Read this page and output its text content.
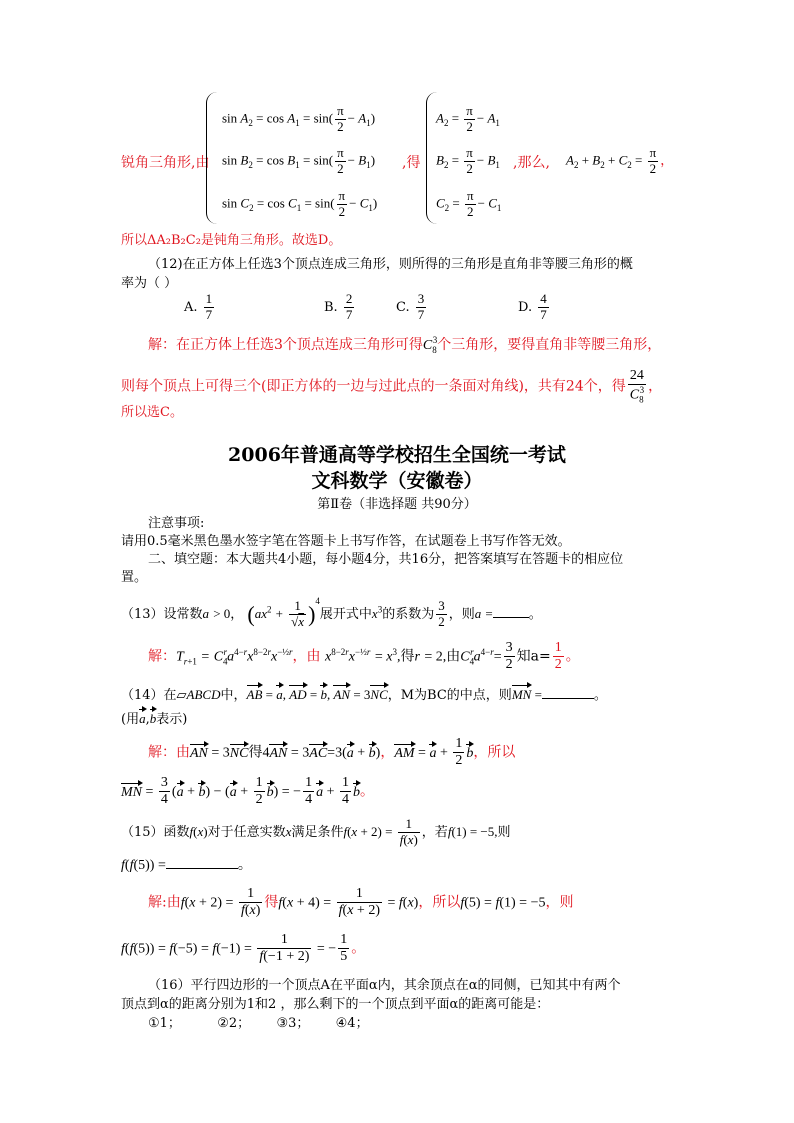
锐角三角形,由
$\sin A_2 = \cos A_1 = \sin( \frac{\pi}{2} - A_1)$
$\sin B_2 = \cos B_1 = \sin( \frac{\pi}{2} - B_1)$
$\sin C_2 = \cos C_1 = \sin( \frac{\pi}{2} - C_1)$
,得
$A_2 = \frac{\pi}{2} - A_1$
$B_2 = \frac{\pi}{2} - B_1$
$C_2 = \frac{\pi}{2} - C_1$
,那么, $A_2 + B_2 + C_2 = \frac{\pi}{2}$ ，
所以ΔA₂B₂C₂是钝角三角形。故选D。
（12)在正方体上任选3个顶点连成三角形，则所得的三角形是直角非等腰三角形的概
率为（ ）
A. $\frac{1}{7}$	B. $\frac{2}{7}$	C. $\frac{3}{7}$	D. $\frac{4}{7}$
解：在正方体上任选3个顶点连成三角形可得$C_8^3$个三角形，要得直角非等腰三角形，
则每个顶点上可得三个(即正方体的一边与过此点的一条面对角线)，共有24个，得 $\frac{24}{C_8^3}$ ，
所以选C。
2006年普通高等学校招生全国统一考试
文科数学（安徽卷）
第Ⅱ卷（非选择题 共90分）
注意事项:
请用0.5毫米黑色墨水签字笔在答题卡上书写作答，在试题卷上书写作答无效。
二、填空题：本大题共4小题，每小题4分，共16分，把答案填写在答题卡的相应位
置。
（13）设常数a > 0， $(ax^2 + \frac{1}{√x} )^4$展开式中$x^3$的系数为 $\frac{3}{2}$ ，则a =	。
解：$T_{r+1} = C_4^ra^{4-r}x^{8-2r}x^{-\frac{1}{2}r}$，由 $x^{8-2r}x^{-\frac{1}{2}r} = x^3$,得r = 2,由$C_4^ra^{4-r}= \frac{3}{2}$ 知$a= \frac{1}{2}$ 。
（14）在▱ABCD中，AB = a, AD = b, AN = 3NC，M为BC的中点，则MN =	。
(用a,b表示)
解：由AN = 3NC得4AN = 3AC=3(a + b)，AM = $a + \frac{1}{2}$ b，所以
MN = $\frac{3}{4} (a + b) - (a + \frac{1}{2} b)$ = − $\frac{1}{4}$ $a + \frac{1}{4}$ b。
（15）函数f(x)对于任意实数x满足条件$f(x + 2) = \frac{1}{f(x)}$ ，若f(1) = −5,则
f(f(5)) =	。
解:由$f(x + 2) = \frac{1}{f(x)}$ 得$f(x + 4) = \frac{1}{f(x + 2)} = f(x)$，所以f(5) = f(1) = −5，则
$f(f(5)) = f(-5) = f(-1) = \frac{1}{f(-1 + 2)}$ = − $\frac{1}{5}$ 。
（16）平行四边形的一个顶点A在平面α内，其余顶点在α的同侧，已知其中有两个
顶点到α的距离分别为1和2 ，那么剩下的一个顶点到平面α的距离可能是：
①1；	②2； ③3； ④4；
